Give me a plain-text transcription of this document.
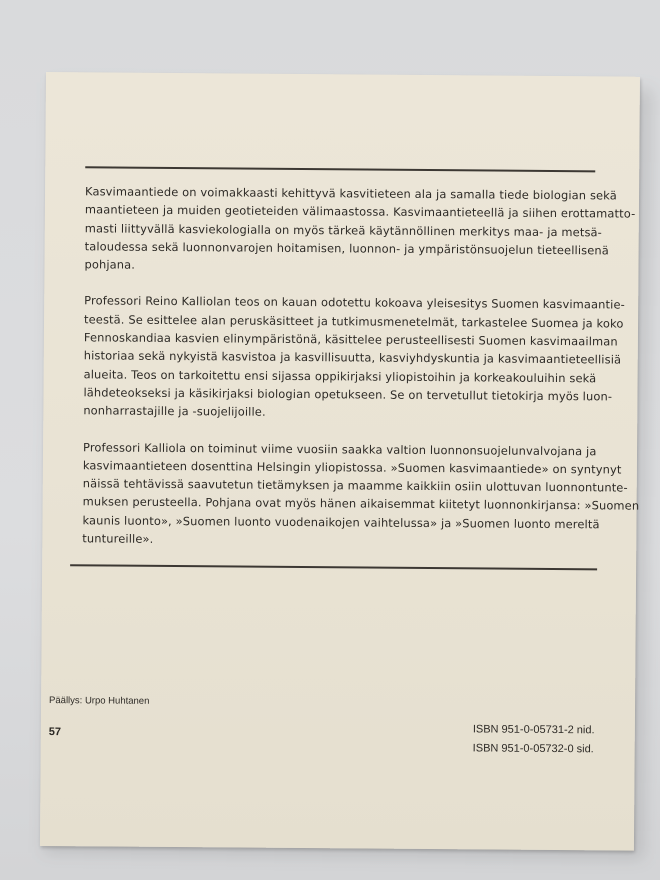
Kasvimaantiede on voimakkaasti kehittyvä kasvitieteen ala ja samalla tiede biologian sekä
maantieteen ja muiden geotieteiden välimaastossa. Kasvimaantieteellä ja siihen erottamatto-
masti liittyvällä kasviekologialla on myös tärkeä käytännöllinen merkitys maa- ja metsä-
taloudessa sekä luonnonvarojen hoitamisen, luonnon- ja ympäristönsuojelun tieteellisenä
pohjana.

Professori Reino Kalliolan teos on kauan odotettu kokoava yleisesitys Suomen kasvimaantie-
teestä. Se esittelee alan peruskäsitteet ja tutkimusmenetelmät, tarkastelee Suomea ja koko
Fennoskandiaa kasvien elinympäristönä, käsittelee perusteellisesti Suomen kasvimaailman
historiaa sekä nykyistä kasvistoa ja kasvillisuutta, kasviyhdyskuntia ja kasvimaantieteellisiä
alueita. Teos on tarkoitettu ensi sijassa oppikirjaksi yliopistoihin ja korkeakouluihin sekä
lähdeteokseksi ja käsikirjaksi biologian opetukseen. Se on tervetullut tietokirja myös luon-
nonharrastajille ja -suojelijoille.

Professori Kalliola on toiminut viime vuosiin saakka valtion luonnonsuojelunvalvojana ja
kasvimaantieteen dosenttina Helsingin yliopistossa. »Suomen kasvimaantiede» on syntynyt
näissä tehtävissä saavutetun tietämyksen ja maamme kaikkiin osiin ulottuvan luonnontunte-
muksen perusteella. Pohjana ovat myös hänen aikaisemmat kiitetyt luonnonkirjansa: »Suomen
kaunis luonto», »Suomen luonto vuodenaikojen vaihtelussa» ja »Suomen luonto mereltä
tuntureille».

Päällys: Urpo Huhtanen
57	ISBN 951-0-05731-2 nid.
ISBN 951-0-05732-0 sid.
